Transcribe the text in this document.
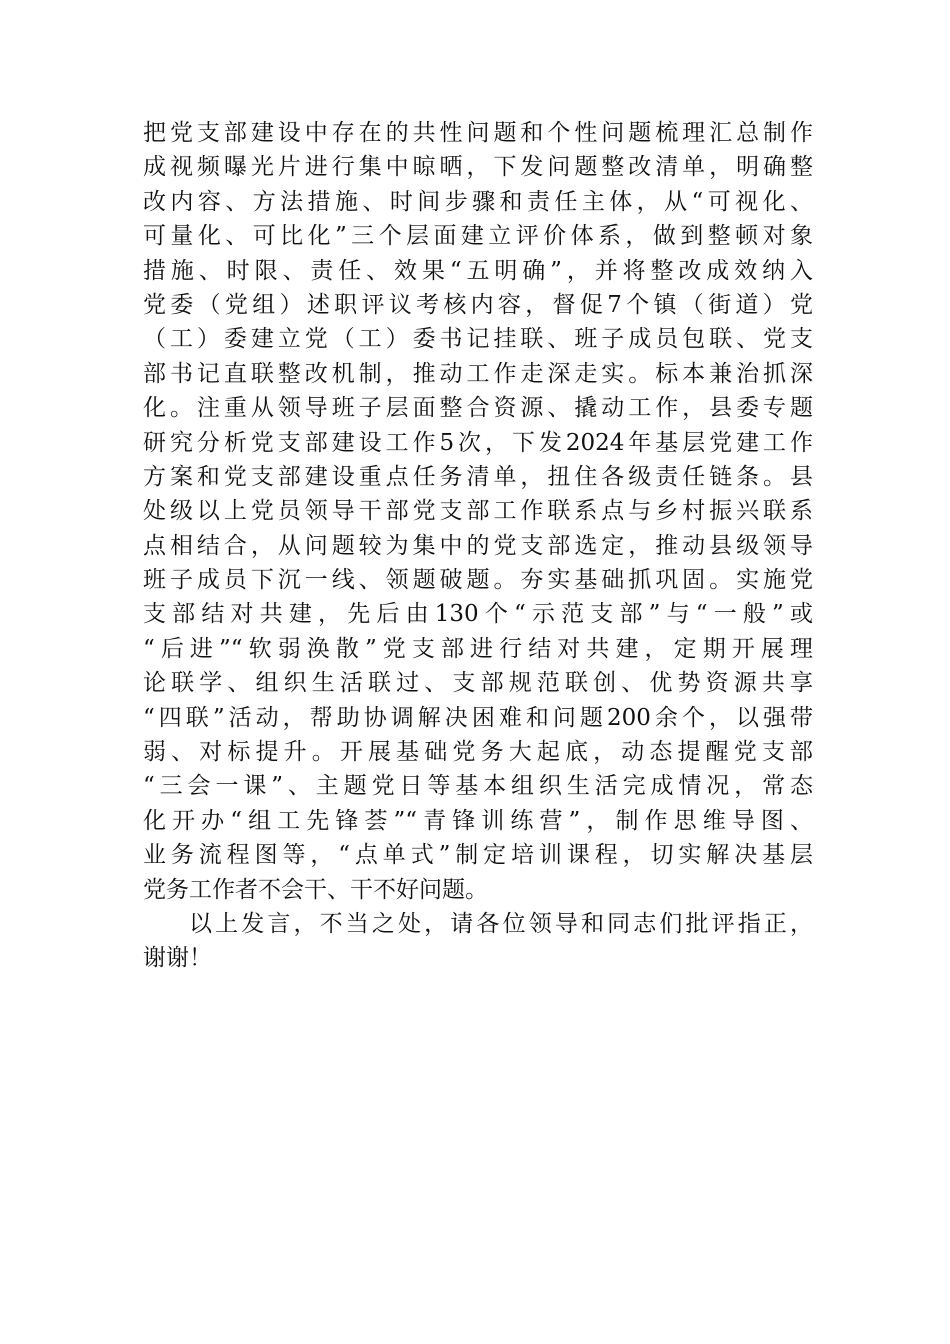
把党支部建设中存在的共性问题和个性问题梳理汇总制作
成视频曝光片进行集中晾晒，下发问题整改清单，明确整
改内容、方法措施、时间步骤和责任主体，从“可视化、
可量化、可比化”三个层面建立评价体系，做到整顿对象
措施、时限、责任、效果“五明确”，并将整改成效纳入
党委（党组）述职评议考核内容，督促7个镇（街道）党
（工）委建立党（工）委书记挂联、班子成员包联、党支
部书记直联整改机制，推动工作走深走实。标本兼治抓深
化。注重从领导班子层面整合资源、撬动工作，县委专题
研究分析党支部建设工作5次，下发2024年基层党建工作
方案和党支部建设重点任务清单，扭住各级责任链条。县
处级以上党员领导干部党支部工作联系点与乡村振兴联系
点相结合，从问题较为集中的党支部选定，推动县级领导
班子成员下沉一线、领题破题。夯实基础抓巩固。实施党
支部结对共建，先后由130个“示范支部”与“一般”或
“后进”“软弱涣散”党支部进行结对共建，定期开展理
论联学、组织生活联过、支部规范联创、优势资源共享
“四联”活动，帮助协调解决困难和问题200余个，以强带
弱、对标提升。开展基础党务大起底，动态提醒党支部
“三会一课”、主题党日等基本组织生活完成情况，常态
化开办“组工先锋荟”“青锋训练营”，制作思维导图、
业务流程图等，“点单式”制定培训课程，切实解决基层
党务工作者不会干、干不好问题。
以上发言，不当之处，请各位领导和同志们批评指正，
谢谢！
